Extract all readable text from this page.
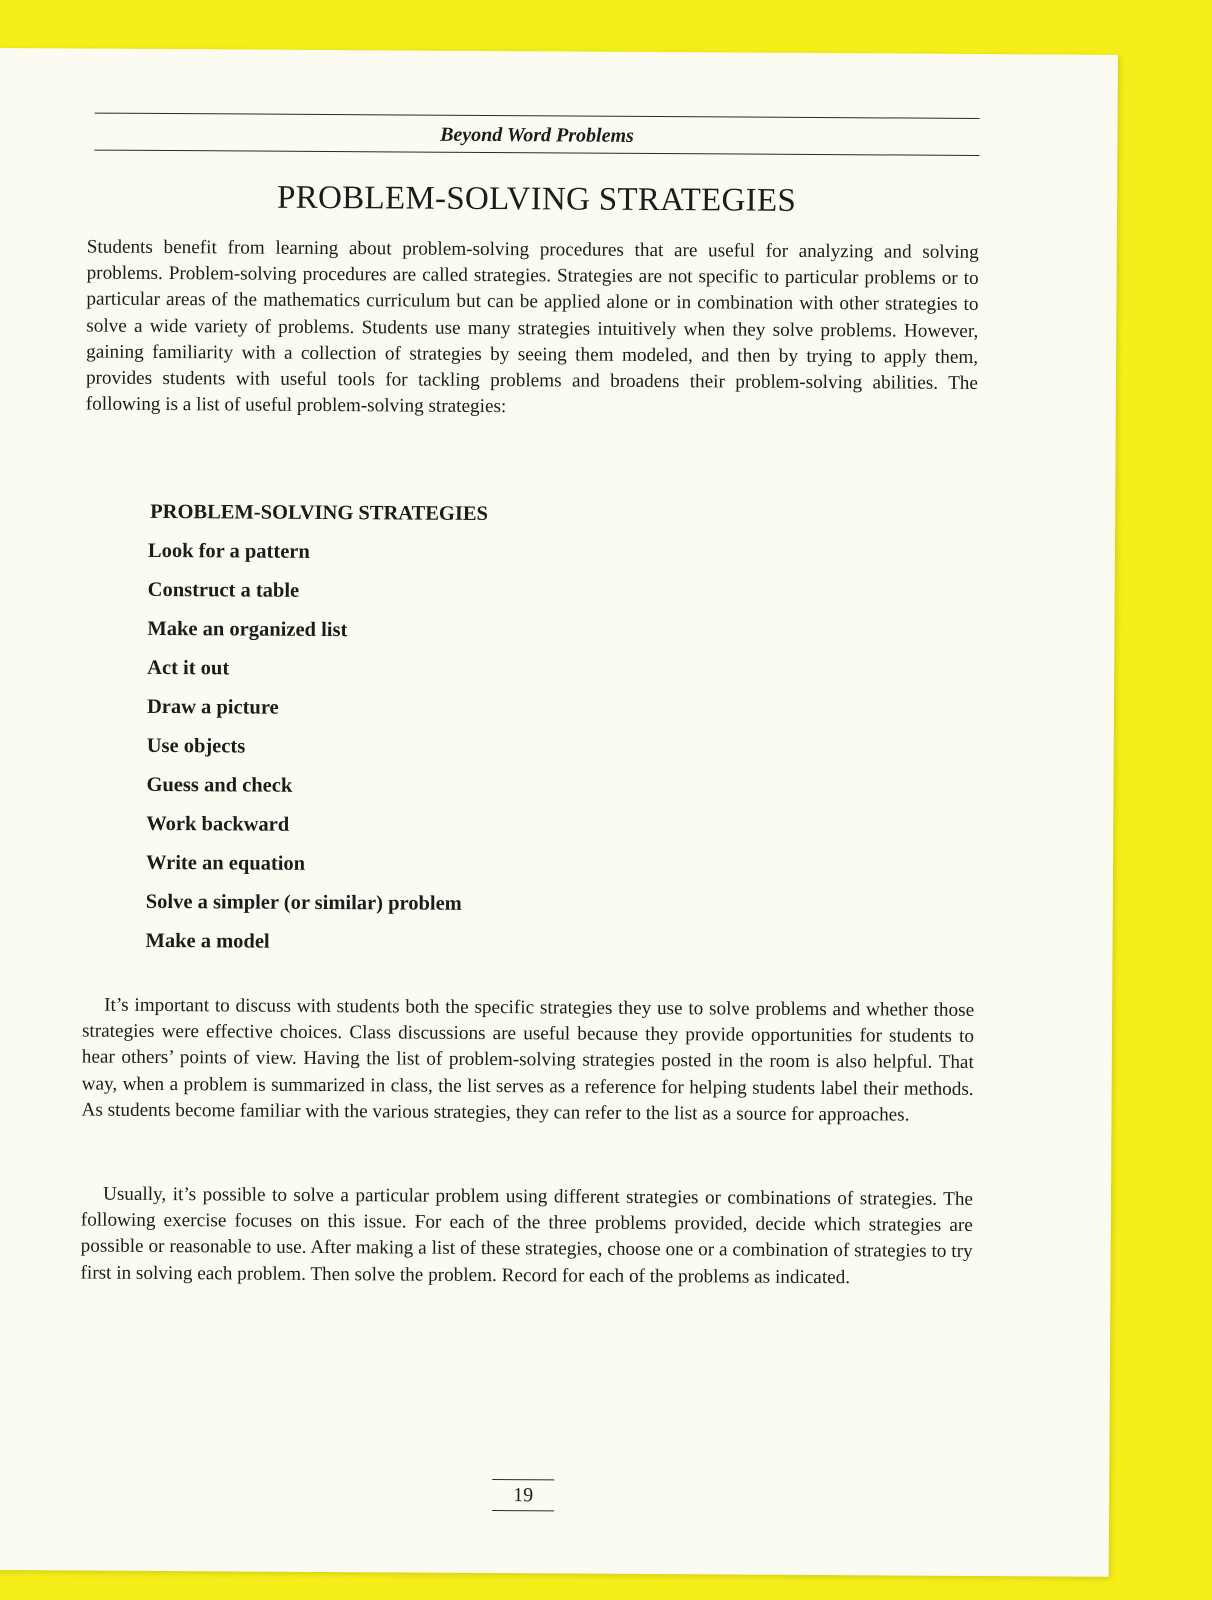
Beyond Word Problems
PROBLEM-SOLVING STRATEGIES

Students benefit from learning about problem-solving procedures that are useful for analyzing and solving problems. Problem-solving procedures are called strategies. Strategies are not specific to particular problems or to particular areas of the mathematics curriculum but can be applied alone or in combination with other strategies to solve a wide variety of problems. Students use many strategies intuitively when they solve problems. However, gaining familiarity with a collection of strategies by seeing them modeled, and then by trying to apply them, provides students with useful tools for tackling problems and broadens their problem-solving abilities. The following is a list of useful problem-solving strategies:

PROBLEM-SOLVING STRATEGIES
Look for a pattern
Construct a table
Make an organized list
Act it out
Draw a picture
Use objects
Guess and check
Work backward
Write an equation
Solve a simpler (or similar) problem
Make a model

It’s important to discuss with students both the specific strategies they use to solve problems and whether those strategies were effective choices. Class discussions are useful because they provide opportunities for students to hear others’ points of view. Having the list of problem-solving strategies posted in the room is also helpful. That way, when a problem is summarized in class, the list serves as a reference for helping students label their methods. As students become familiar with the various strategies, they can refer to the list as a source for approaches.

Usually, it’s possible to solve a particular problem using different strategies or combinations of strategies. The following exercise focuses on this issue. For each of the three problems provided, decide which strategies are possible or reasonable to use. After making a list of these strategies, choose one or a combination of strategies to try first in solving each problem. Then solve the problem. Record for each of the problems as indicated.

19
